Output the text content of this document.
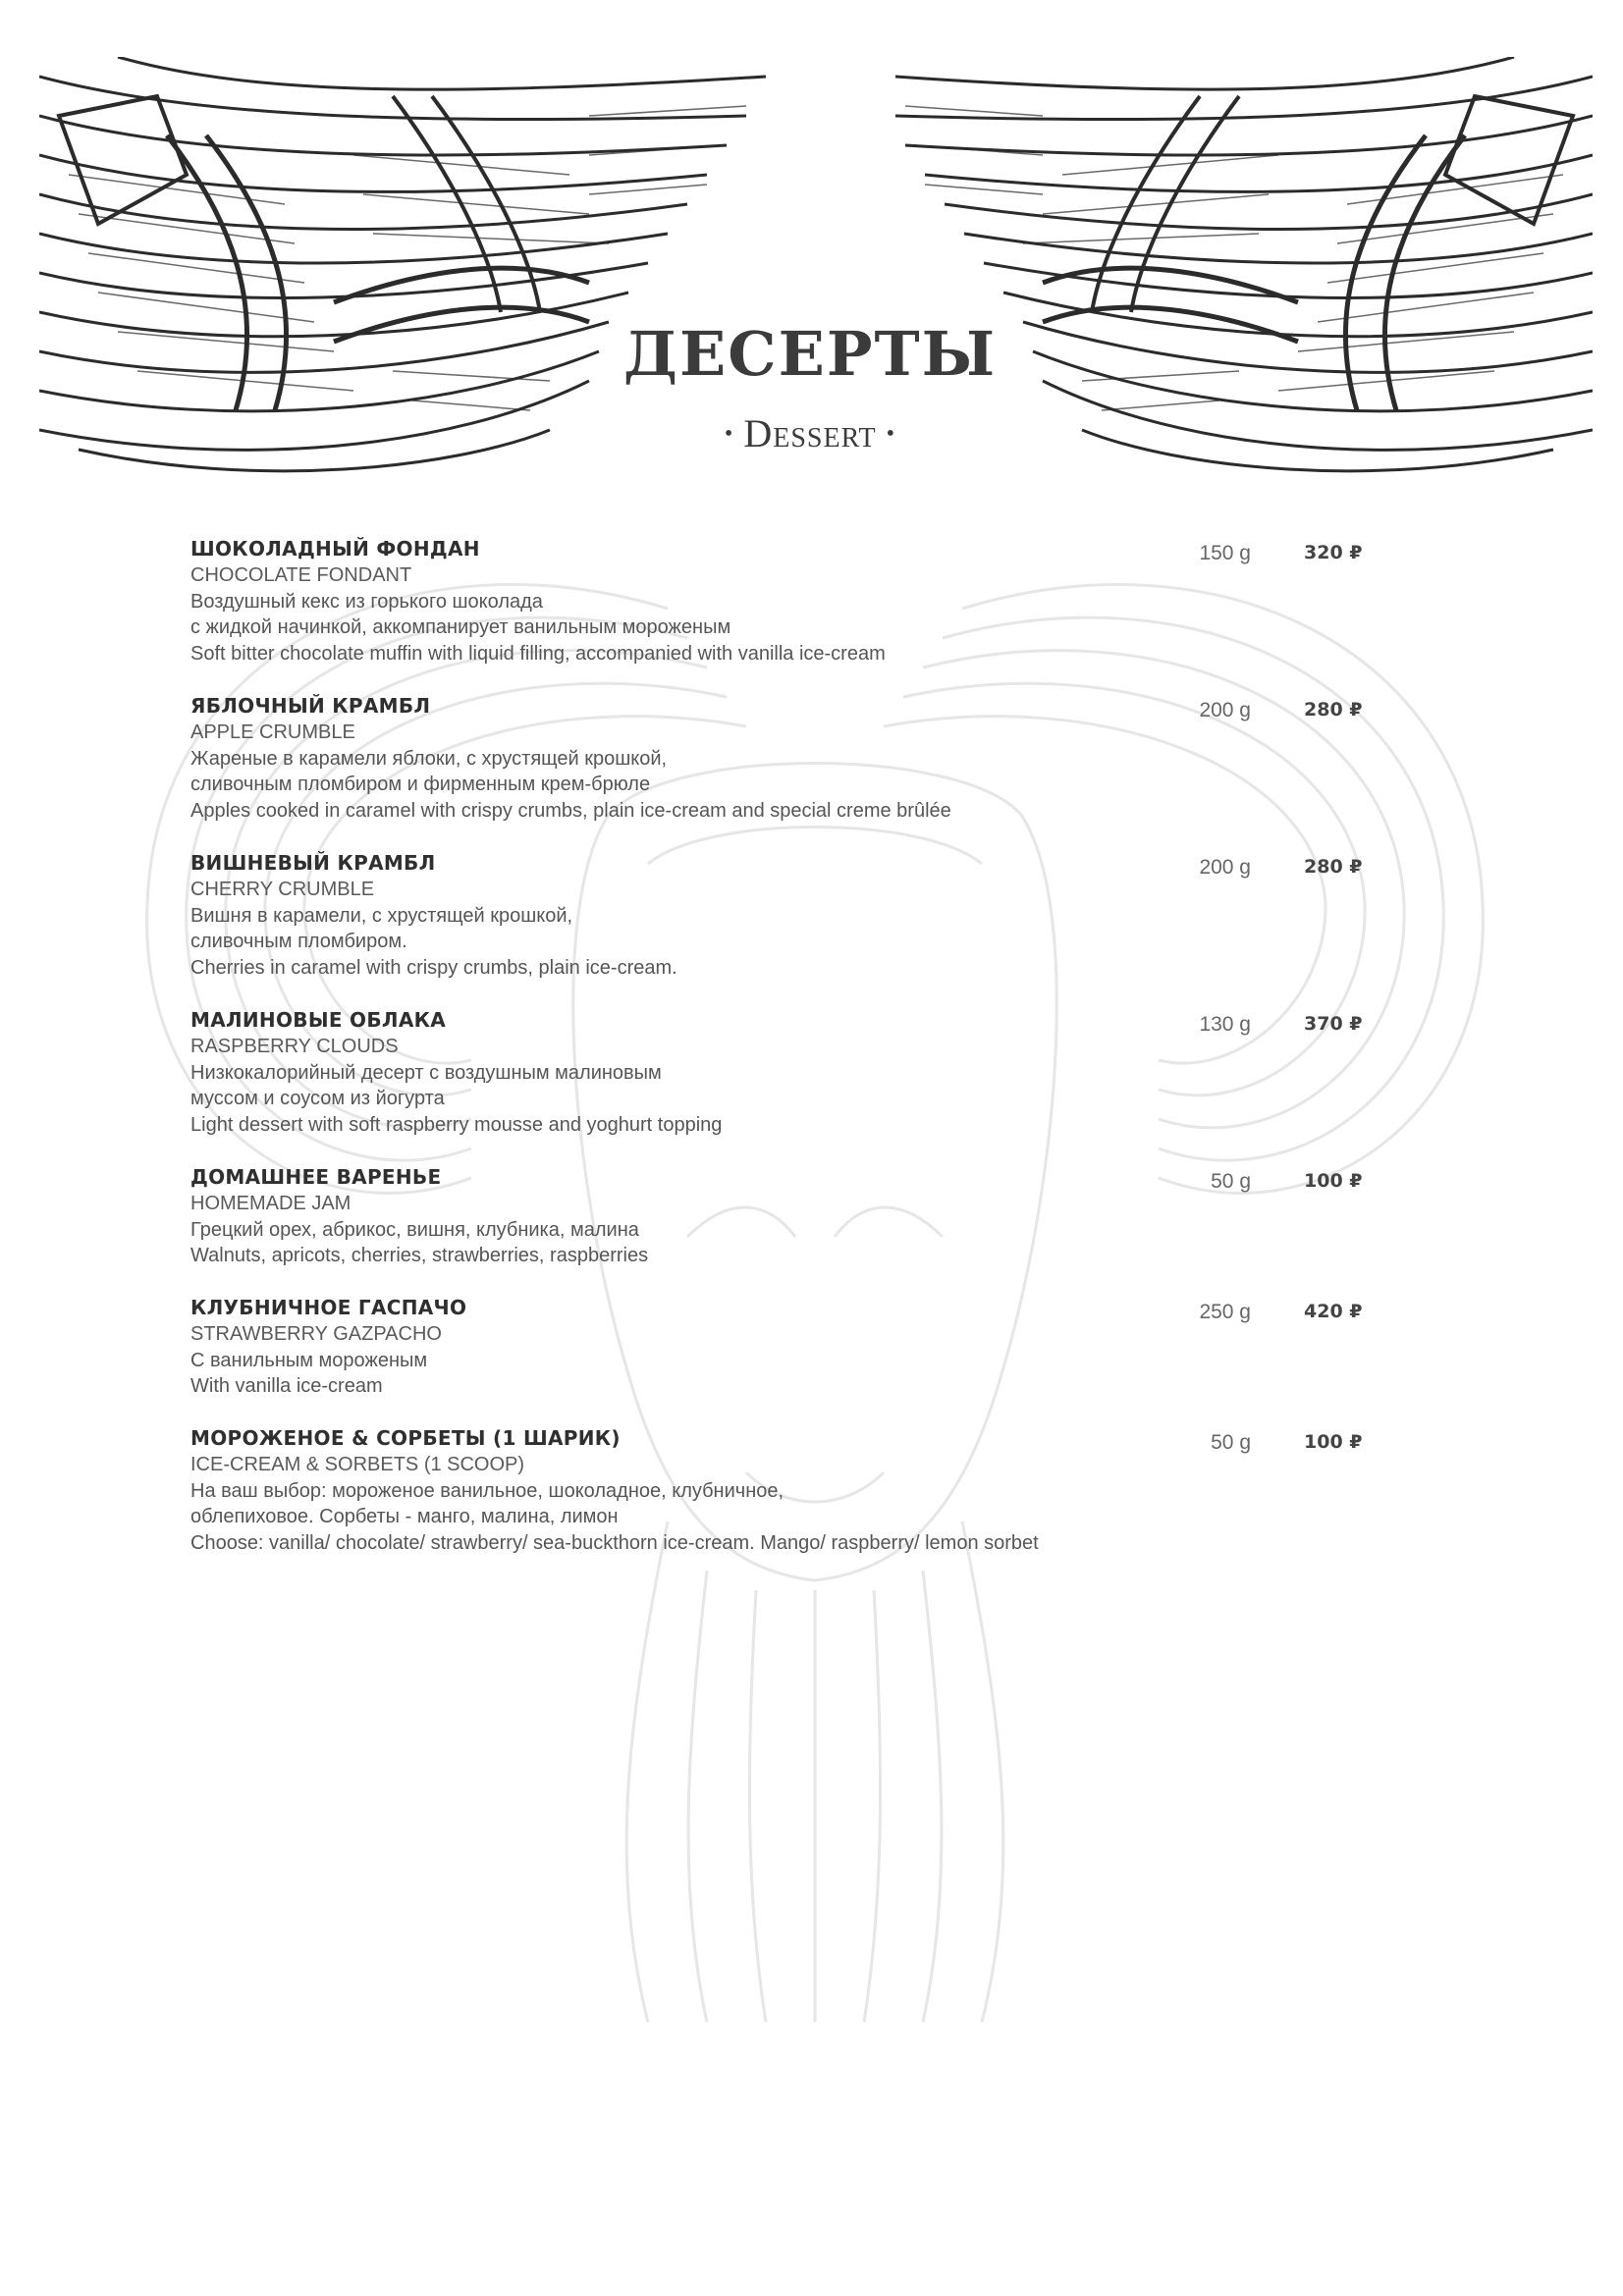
ДЕСЕРТЫ
• Dessert •
ШОКОЛАДНЫЙ ФОНДАН
CHOCOLATE FONDANT
Воздушный кекс из горького шоколада
с жидкой начинкой, аккомпанирует ванильным мороженым
Soft bitter chocolate muffin with liquid filling, accompanied with vanilla ice-cream
150 g	320 ₽
ЯБЛОЧНЫЙ КРАМБЛ
APPLE CRUMBLE
Жареные в карамели яблоки, с хрустящей крошкой,
сливочным пломбиром и фирменным крем-брюле
Apples cooked in caramel with crispy crumbs, plain ice-cream and special creme brûlée
200 g	280 ₽
ВИШНЕВЫЙ КРАМБЛ
CHERRY CRUMBLE
Вишня в карамели, с хрустящей крошкой,
сливочным пломбиром.
Cherries in caramel with crispy crumbs, plain ice-cream.
200 g	280 ₽
МАЛИНОВЫЕ ОБЛАКА
RASPBERRY CLOUDS
Низкокалорийный десерт с воздушным малиновым
муссом и соусом из йогурта
Light dessert with soft raspberry mousse and yoghurt topping
130 g	370 ₽
ДОМАШНЕЕ ВАРЕНЬЕ
HOMEMADE JAM
Грецкий орех, абрикос, вишня, клубника, малина
Walnuts, apricots, cherries, strawberries, raspberries
50 g	100 ₽
КЛУБНИЧНОЕ ГАСПАЧО
STRAWBERRY GAZPACHO
С ванильным мороженым
With vanilla ice-cream
250 g	420 ₽
МОРОЖЕНОЕ & СОРБЕТЫ (1 ШАРИК)
ICE-CREAM & SORBETS (1 SCOOP)
На ваш выбор: мороженое ванильное, шоколадное, клубничное,
облепиховое. Сорбеты - манго, малина, лимон
Choose: vanilla/ chocolate/ strawberry/ sea-buckthorn ice-cream. Mango/ raspberry/ lemon sorbet
50 g	100 ₽
